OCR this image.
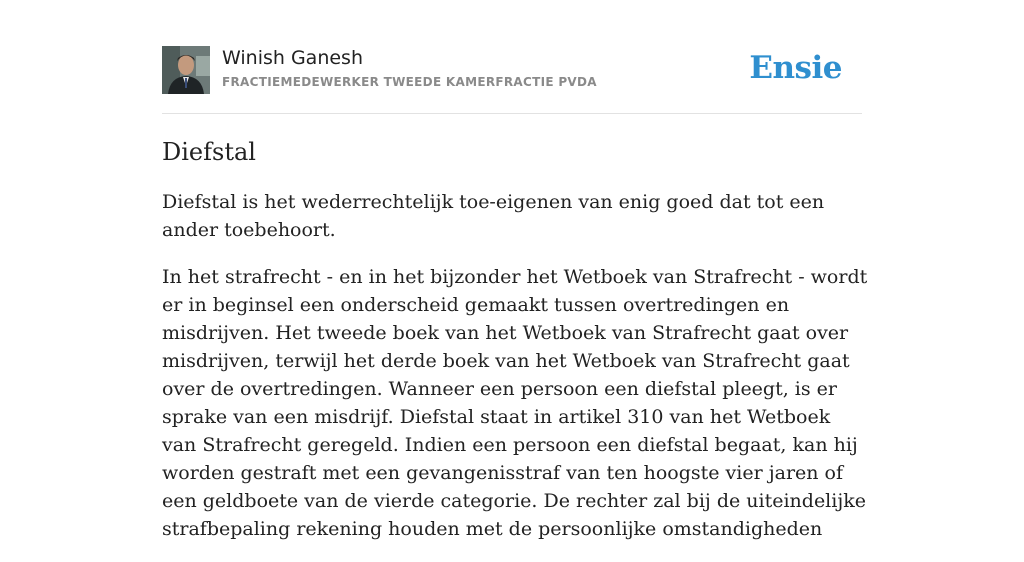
Winish Ganesh
FRACTIEMEDEWERKER TWEEDE KAMERFRACTIE PVDA	Ensie
Diefstal

Diefstal is het wederrechtelijk toe-eigenen van enig goed dat tot een ander toebehoort.

In het strafrecht - en in het bijzonder het Wetboek van Strafrecht - wordt er in beginsel een onderscheid gemaakt tussen overtredingen en misdrijven. Het tweede boek van het Wetboek van Strafrecht gaat over misdrijven, terwijl het derde boek van het Wetboek van Strafrecht gaat over de overtredingen. Wanneer een persoon een diefstal pleegt, is er sprake van een misdrijf. Diefstal staat in artikel 310 van het Wetboek van Strafrecht geregeld. Indien een persoon een diefstal begaat, kan hij worden gestraft met een gevangenisstraf van ten hoogste vier jaren of een geldboete van de vierde categorie. De rechter zal bij de uiteindelijke strafbepaling rekening houden met de persoonlijke omstandigheden
